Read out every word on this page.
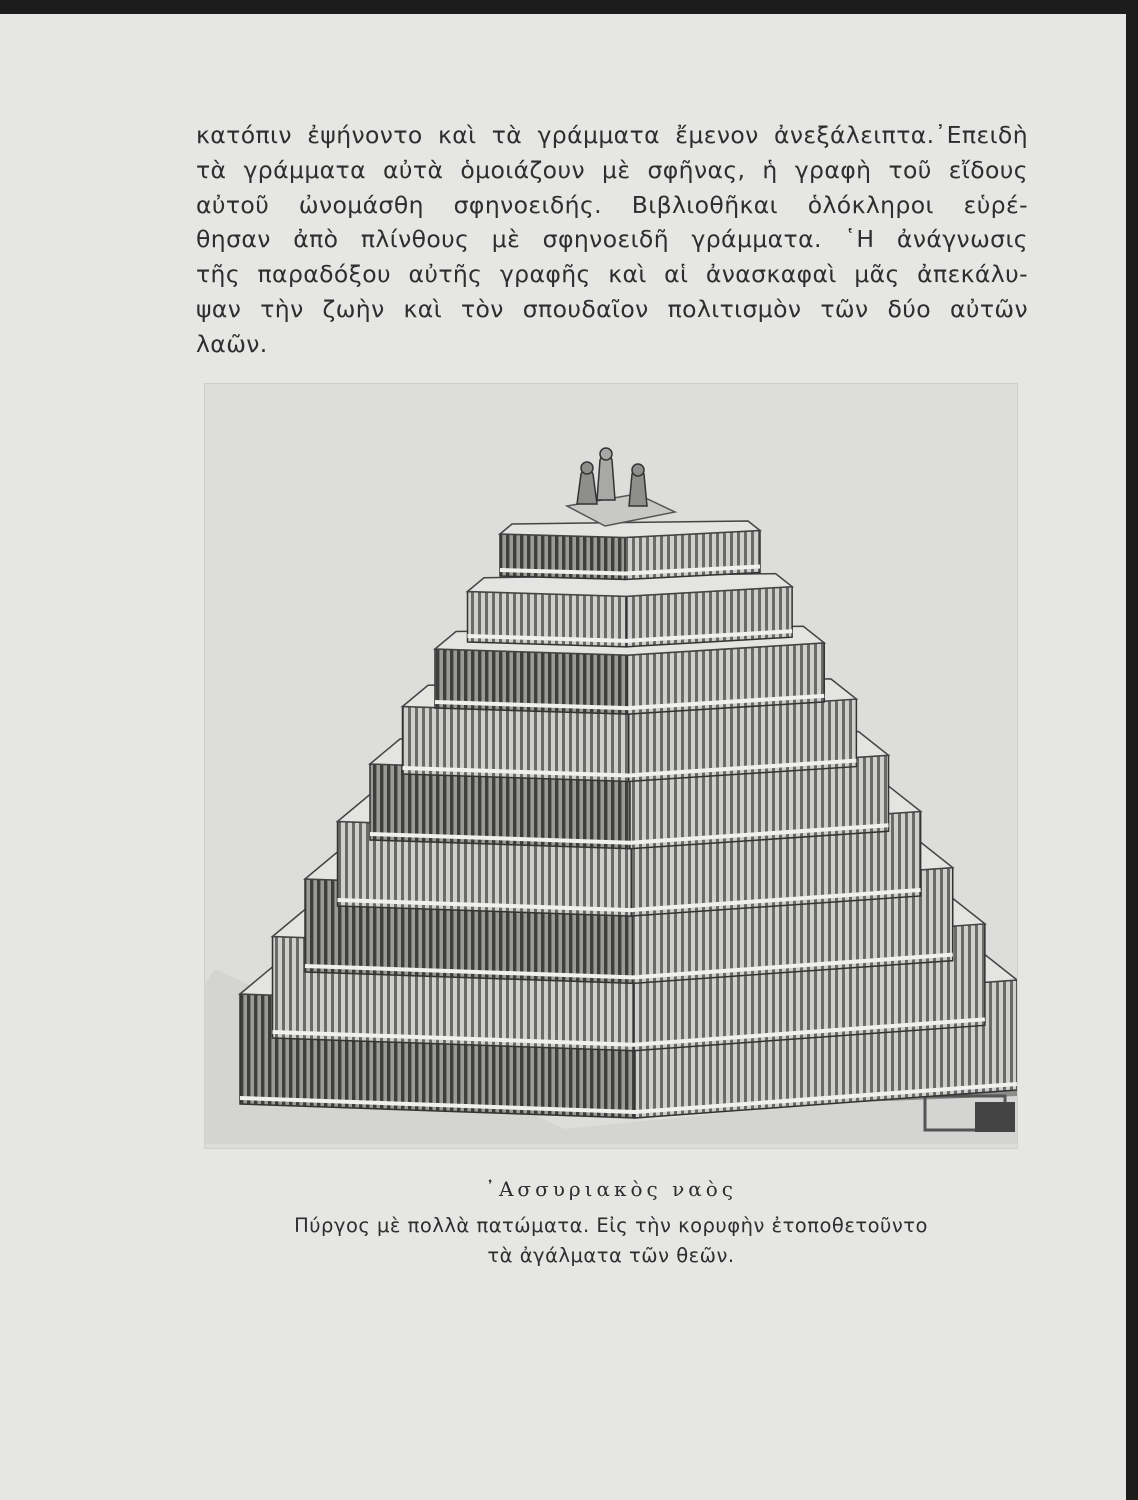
κατόπιν ἐψήνοντο καὶ τὰ γράμματα ἔμενον ἀνεξάλειπτα.᾿Επειδὴ
τὰ γράμματα αὐτὰ ὁμοιάζουν μὲ σφῆνας, ἡ γραφὴ τοῦ εἴδους
αὐτοῦ ὠνομάσθη σφηνοειδής. Βιβλιοθῆκαι ὁλόκληροι εὑρέ-
θησαν ἀπὸ πλίνθους μὲ σφηνοειδῆ γράμματα. ῾Η ἀνάγνωσις
τῆς παραδόξου αὐτῆς γραφῆς καὶ αἱ ἀνασκαφαὶ μᾶς ἀπεκάλυ-
ψαν τὴν ζωὴν καὶ τὸν σπουδαῖον πολιτισμὸν τῶν δύο αὐτῶν
λαῶν.
᾿Ασσυριακὸς ναὸς
Πύργος μὲ πολλὰ πατώματα. Εἰς τὴν κορυφὴν ἐτοποθετοῦντο
τὰ ἀγάλματα τῶν θεῶν.
